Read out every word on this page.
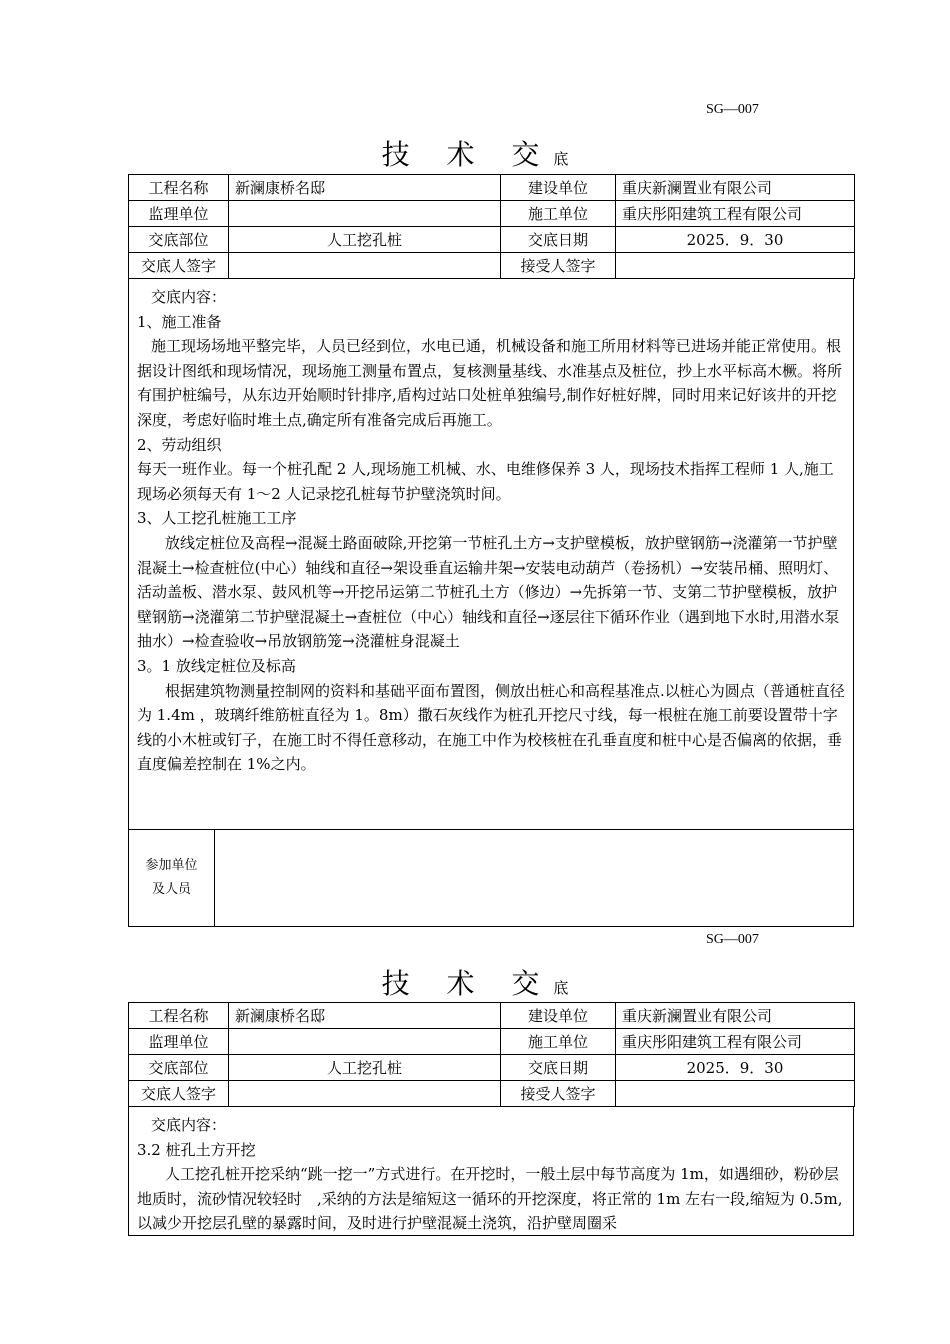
SG—007
技 术 交底
工程名称	新澜康桥名邸	建设单位	重庆新澜置业有限公司
监理单位		施工单位	重庆彤阳建筑工程有限公司
交底部位	人工挖孔桩	交底日期	2025．9．30
交底人签字		接受人签字	

交底内容：

1、施工准备

施工现场场地平整完毕，人员已经到位，水电已通，机械设备和施工所用材料等已进场并能正常使用。根据设计图纸和现场情况，现场施工测量布置点，复核测量基线、水准基点及桩位，抄上水平标高木橛。将所有围护桩编号，从东边开始顺时针排序,盾构过站口处桩单独编号,制作好桩好牌，同时用来记好该井的开挖深度，考虑好临时堆土点,确定所有准备完成后再施工。

2、劳动组织

每天一班作业。每一个桩孔配 2 人,现场施工机械、水、电维修保养 3 人，现场技术指挥工程师 1 人,施工现场必须每天有 1～2 人记录挖孔桩每节护壁浇筑时间。

3、人工挖孔桩施工工序

放线定桩位及高程→混凝土路面破除,开挖第一节桩孔土方→支护壁模板，放护壁钢筋→浇灌第一节护壁混凝土→检查桩位(中心）轴线和直径→架设垂直运输井架→安装电动葫芦（卷扬机）→安装吊桶、照明灯、活动盖板、潜水泵、鼓风机等→开挖吊运第二节桩孔土方（修边）→先拆第一节、支第二节护壁模板，放护壁钢筋→浇灌第二节护壁混凝土→查桩位（中心）轴线和直径→逐层往下循环作业（遇到地下水时,用潜水泵抽水）→检查验收→吊放钢筋笼→浇灌桩身混凝土

3。1 放线定桩位及标高

根据建筑物测量控制网的资料和基础平面布置图，侧放出桩心和高程基准点.以桩心为圆点（普通桩直径为 1.4m ，玻璃纤维筋桩直径为 1。8m）撒石灰线作为桩孔开挖尺寸线，每一根桩在施工前要设置带十字线的小木桩或钉子，在施工时不得任意移动，在施工中作为校核桩在孔垂直度和桩中心是否偏离的依据，垂直度偏差控制在 1%之内。

参加单位
及人员
SG—007
技 术 交底
工程名称	新澜康桥名邸	建设单位	重庆新澜置业有限公司
监理单位		施工单位	重庆彤阳建筑工程有限公司
交底部位	人工挖孔桩	交底日期	2025．9．30
交底人签字		接受人签字	

交底内容：

3.2 桩孔土方开挖

人工挖孔桩开挖采纳“跳一挖一”方式进行。在开挖时，一般土层中每节高度为 1m，如遇细砂，粉砂层地质时，流砂情况较轻时　,采纳的方法是缩短这一循环的开挖深度，将正常的 1m 左右一段,缩短为 0.5m,以减少开挖层孔壁的暴露时间，及时进行护壁混凝土浇筑，沿护壁周圈采
